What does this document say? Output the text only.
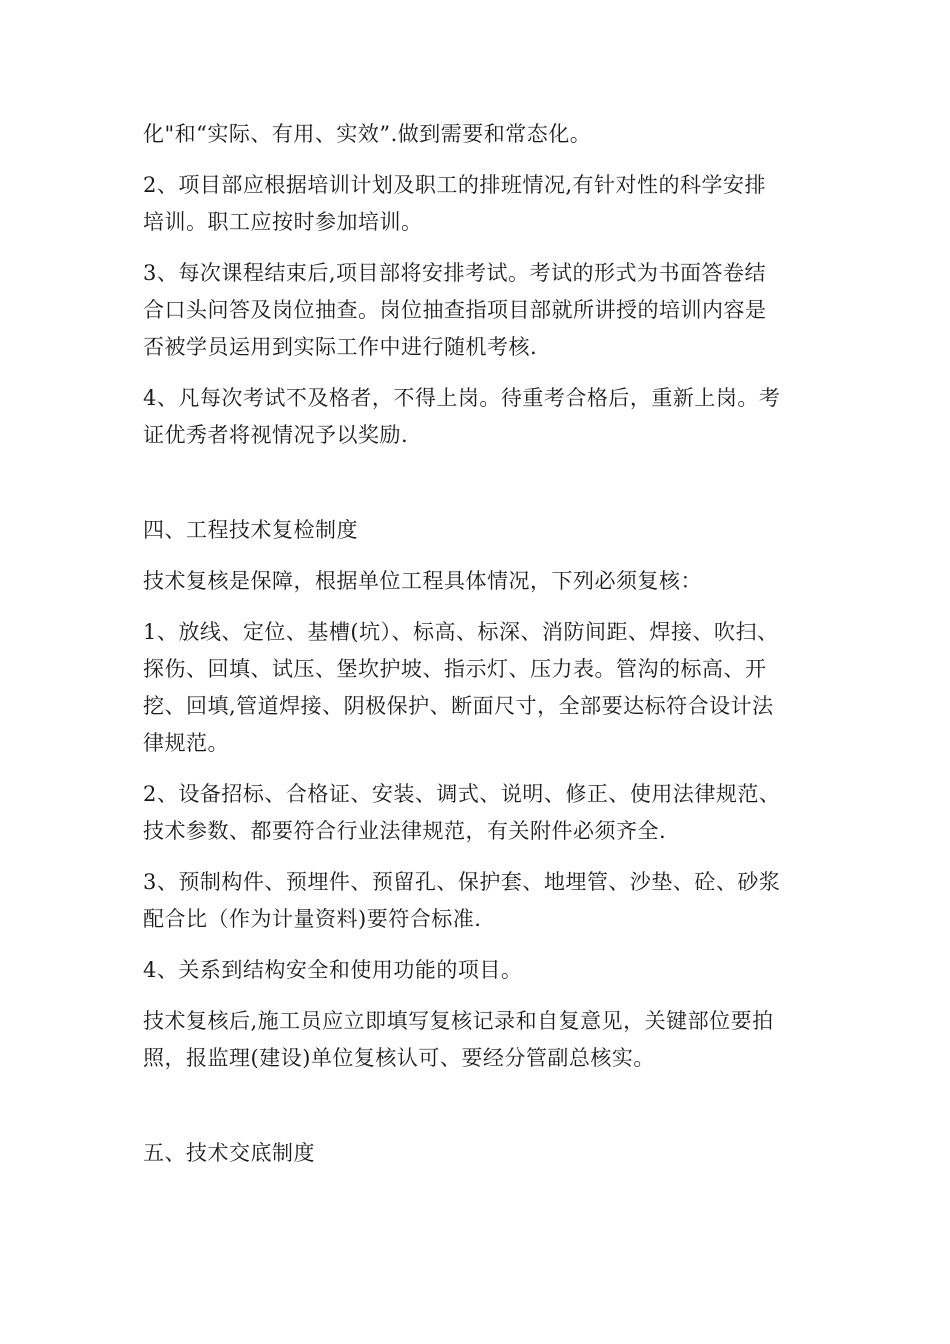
化"和“实际、有用、实效”.做到需要和常态化。

2、项目部应根据培训计划及职工的排班情况,有针对性的科学安排
培训。职工应按时参加培训。

3、每次课程结束后,项目部将安排考试。考试的形式为书面答卷结
合口头问答及岗位抽查。岗位抽查指项目部就所讲授的培训内容是
否被学员运用到实际工作中进行随机考核.

4、凡每次考试不及格者，不得上岗。待重考合格后，重新上岗。考
证优秀者将视情况予以奖励.

四、工程技术复检制度

技术复核是保障，根据单位工程具体情况，下列必须复核：

1、放线、定位、基槽(坑）、标高、标深、消防间距、焊接、吹扫、
探伤、回填、试压、堡坎护坡、指示灯、压力表。管沟的标高、开
挖、回填,管道焊接、阴极保护、断面尺寸，全部要达标符合设计法
律规范。

2、设备招标、合格证、安装、调式、说明、修正、使用法律规范、
技术参数、都要符合行业法律规范，有关附件必须齐全.

3、预制构件、预埋件、预留孔、保护套、地埋管、沙垫、砼、砂浆
配合比（作为计量资料)要符合标准.

4、关系到结构安全和使用功能的项目。

技术复核后,施工员应立即填写复核记录和自复意见，关键部位要拍
照，报监理(建设)单位复核认可、要经分管副总核实。

五、技术交底制度
